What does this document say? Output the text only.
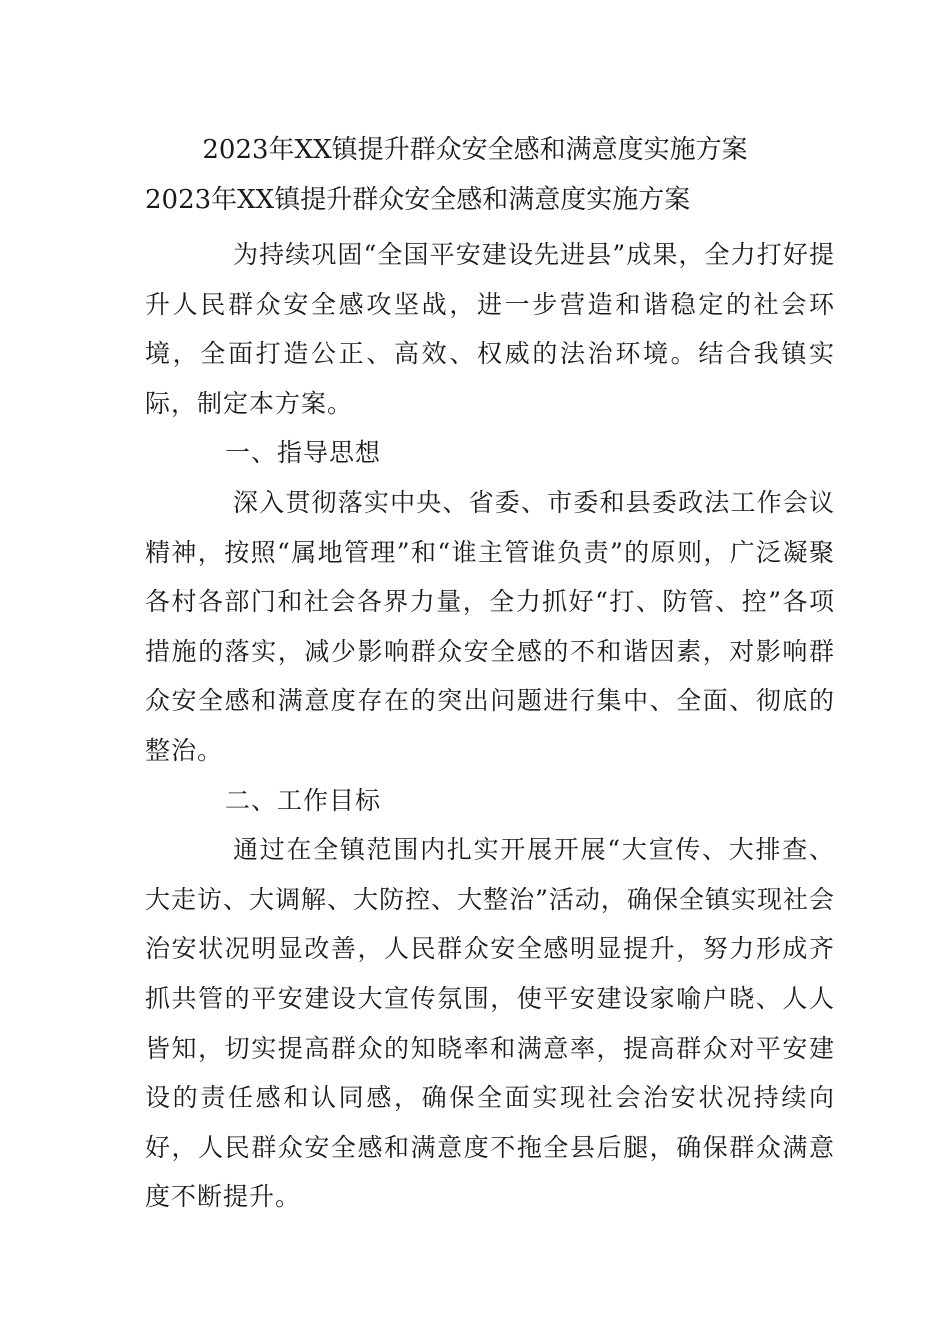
2023年XX镇提升群众安全感和满意度实施方案
2023年XX镇提升群众安全感和满意度实施方案

为持续巩固“全国平安建设先进县”成果，全力打好提升人民群众安全感攻坚战，进一步营造和谐稳定的社会环境，全面打造公正、高效、权威的法治环境。结合我镇实际，制定本方案。

一、指导思想

深入贯彻落实中央、省委、市委和县委政法工作会议精神，按照“属地管理”和“谁主管谁负责”的原则，广泛凝聚各村各部门和社会各界力量，全力抓好“打、防管、控”各项措施的落实，减少影响群众安全感的不和谐因素，对影响群众安全感和满意度存在的突出问题进行集中、全面、彻底的整治。

二、工作目标

通过在全镇范围内扎实开展开展“大宣传、大排查、大走访、大调解、大防控、大整治”活动，确保全镇实现社会治安状况明显改善，人民群众安全感明显提升，努力形成齐抓共管的平安建设大宣传氛围，使平安建设家喻户晓、人人皆知，切实提高群众的知晓率和满意率，提高群众对平安建设的责任感和认同感，确保全面实现社会治安状况持续向好，人民群众安全感和满意度不拖全县后腿，确保群众满意度不断提升。
